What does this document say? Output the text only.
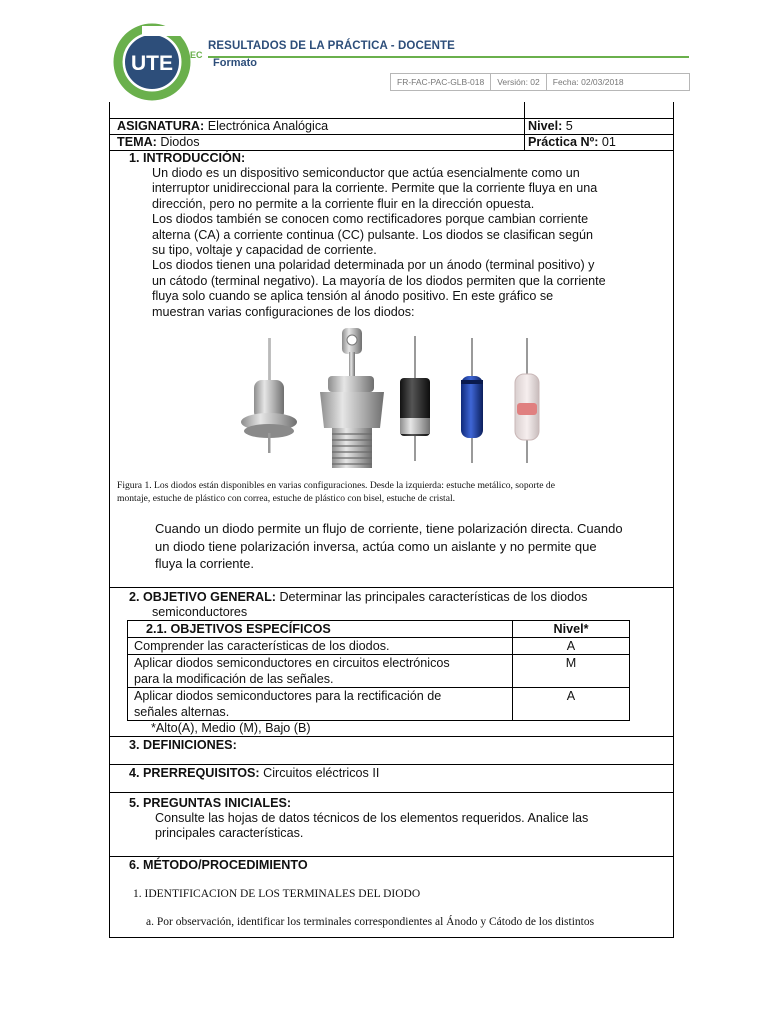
UTE EC
RESULTADOS DE LA PRÁCTICA - DOCENTE
Formato
FR-FAC-PAC-GLB-018	Versión: 02	Fecha: 02/03/2018
ASIGNATURA: Electrónica Analógica	Nivel: 5
TEMA: Diodos	Práctica Nº: 01
1. INTRODUCCIÓN:
Un diodo es un dispositivo semiconductor que actúa esencialmente como un
interruptor unidireccional para la corriente. Permite que la corriente fluya en una
dirección, pero no permite a la corriente fluir en la dirección opuesta.
Los diodos también se conocen como rectificadores porque cambian corriente
alterna (CA) a corriente continua (CC) pulsante. Los diodos se clasifican según
su tipo, voltaje y capacidad de corriente.
Los diodos tienen una polaridad determinada por un ánodo (terminal positivo) y
un cátodo (terminal negativo). La mayoría de los diodos permiten que la corriente
fluya solo cuando se aplica tensión al ánodo positivo. En este gráfico se
muestran varias configuraciones de los diodos:
Figura 1. Los diodos están disponibles en varias configuraciones. Desde la izquierda: estuche metálico, soporte de
montaje, estuche de plástico con correa, estuche de plástico con bisel, estuche de cristal.
Cuando un diodo permite un flujo de corriente, tiene polarización directa. Cuando
un diodo tiene polarización inversa, actúa como un aislante y no permite que
fluya la corriente.
2. OBJETIVO GENERAL: Determinar las principales características de los diodos
semiconductores
2.1. OBJETIVOS ESPECÍFICOS	Nivel*

Comprender las características de los diodos.	A

Aplicar diodos semiconductores en circuitos electrónicos
para la modificación de las señales.	M

Aplicar diodos semiconductores para la rectificación de
señales alternas.	A
*Alto(A), Medio (M), Bajo (B)
3. DEFINICIONES:
4. PRERREQUISITOS: Circuitos eléctricos II
5. PREGUNTAS INICIALES:
Consulte las hojas de datos técnicos de los elementos requeridos. Analice las
principales características.
6. MÉTODO/PROCEDIMIENTO
1. IDENTIFICACION DE LOS TERMINALES DEL DIODO
a. Por observación, identificar los terminales correspondientes al Ánodo y Cátodo de los distintos
